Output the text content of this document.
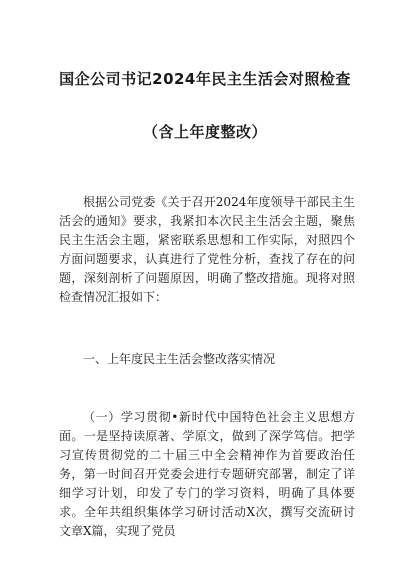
国企公司书记2024年民主生活会对照检查
（含上年度整改）

根据公司党委《关于召开2024年度领导干部民主生活会的通知》要求，我紧扣本次民主生活会主题，聚焦民主生活会主题，紧密联系思想和工作实际，对照四个方面问题要求，认真进行了党性分析，查找了存在的问题，深刻剖析了问题原因，明确了整改措施。现将对照检查情况汇报如下：

一、上年度民主生活会整改落实情况

（一）学习贯彻•新时代中国特色社会主义思想方面。一是坚持读原著、学原文，做到了深学笃信。把学习宣传贯彻党的二十届三中全会精神作为首要政治任务，第一时间召开党委会进行专题研究部署，制定了详细学习计划，印发了专门的学习资料，明确了具体要求。全年共组织集体学习研讨活动X次，撰写交流研讨文章X篇，实现了党员
